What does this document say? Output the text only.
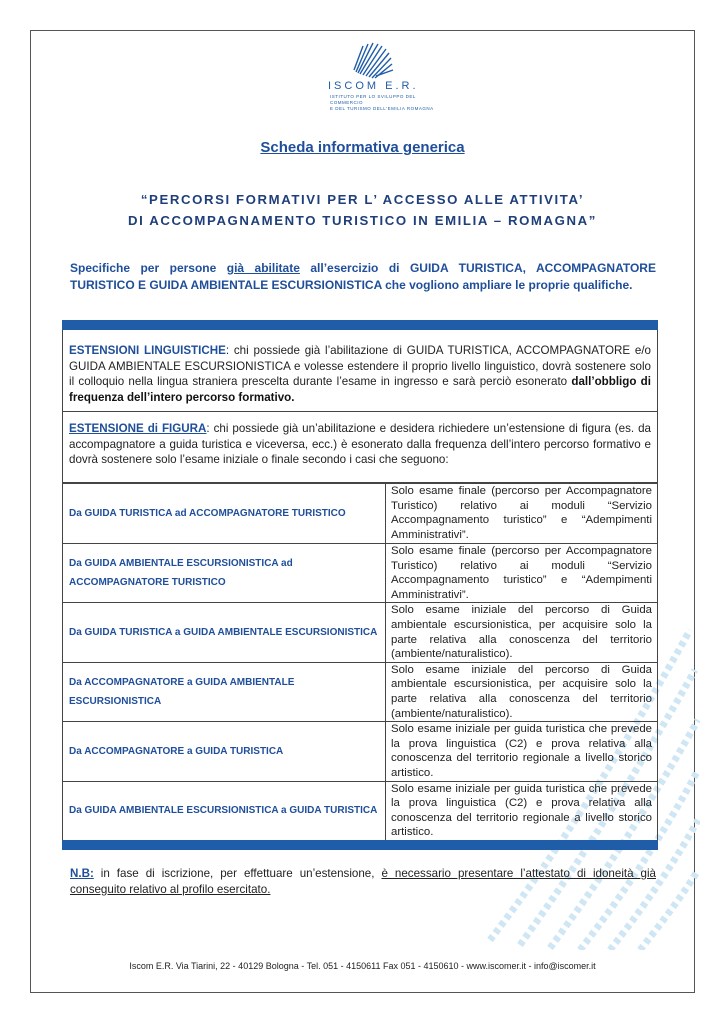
ISCOM E.R.
ISTITUTO PER LO SVILUPPO DEL COMMERCIO
E DEL TURISMO DELL'EMILIA ROMAGNA
Scheda informativa generica
“PERCORSI FORMATIVI PER L’ ACCESSO ALLE ATTIVITA’
DI ACCOMPAGNAMENTO TURISTICO IN EMILIA – ROMAGNA”
Specifiche per persone già abilitate all’esercizio di GUIDA TURISTICA, ACCOMPAGNATORE TURISTICO E GUIDA AMBIENTALE ESCURSIONISTICA che vogliono ampliare le proprie qualifiche.
ESTENSIONI LINGUISTICHE: chi possiede già l’abilitazione di GUIDA TURISTICA, ACCOMPAGNATORE e/o GUIDA AMBIENTALE ESCURSIONISTICA e volesse estendere il proprio livello linguistico, dovrà sostenere solo il colloquio nella lingua straniera prescelta durante l’esame in ingresso e sarà perciò esonerato dall’obbligo di frequenza dell’intero percorso formativo.
ESTENSIONE di FIGURA: chi possiede già un’abilitazione e desidera richiedere un’estensione di figura (es. da accompagnatore a guida turistica e viceversa, ecc.) è esonerato dalla frequenza dell’intero percorso formativo e dovrà sostenere solo l’esame iniziale o finale secondo i casi che seguono:
Da GUIDA TURISTICA ad ACCOMPAGNATORE TURISTICO	Solo esame finale (percorso per Accompagnatore Turistico) relativo ai moduli “Servizio Accompagnamento turistico” e “Adempimenti Amministrativi”.
Da GUIDA AMBIENTALE ESCURSIONISTICA ad ACCOMPAGNATORE TURISTICO	Solo esame finale (percorso per Accompagnatore Turistico) relativo ai moduli “Servizio Accompagnamento turistico” e “Adempimenti Amministrativi”.
Da GUIDA TURISTICA a GUIDA AMBIENTALE ESCURSIONISTICA	Solo esame iniziale del percorso di Guida ambientale escursionistica, per acquisire solo la parte relativa alla conoscenza del territorio (ambiente/naturalistico).
Da ACCOMPAGNATORE a GUIDA AMBIENTALE ESCURSIONISTICA	Solo esame iniziale del percorso di Guida ambientale escursionistica, per acquisire solo la parte relativa alla conoscenza del territorio (ambiente/naturalistico).
Da ACCOMPAGNATORE a GUIDA TURISTICA	Solo esame iniziale per guida turistica che prevede la prova linguistica (C2) e prova relativa alla conoscenza del territorio regionale a livello storico artistico.
Da GUIDA AMBIENTALE ESCURSIONISTICA a GUIDA TURISTICA	Solo esame iniziale per guida turistica che prevede la prova linguistica (C2) e prova relativa alla conoscenza del territorio regionale a livello storico artistico.
N.B: in fase di iscrizione, per effettuare un’estensione, è necessario presentare l’attestato di idoneità già conseguito relativo al profilo esercitato.
Iscom E.R. Via Tiarini, 22 - 40129 Bologna - Tel. 051 - 4150611 Fax 051 - 4150610 - www.iscomer.it - info@iscomer.it
